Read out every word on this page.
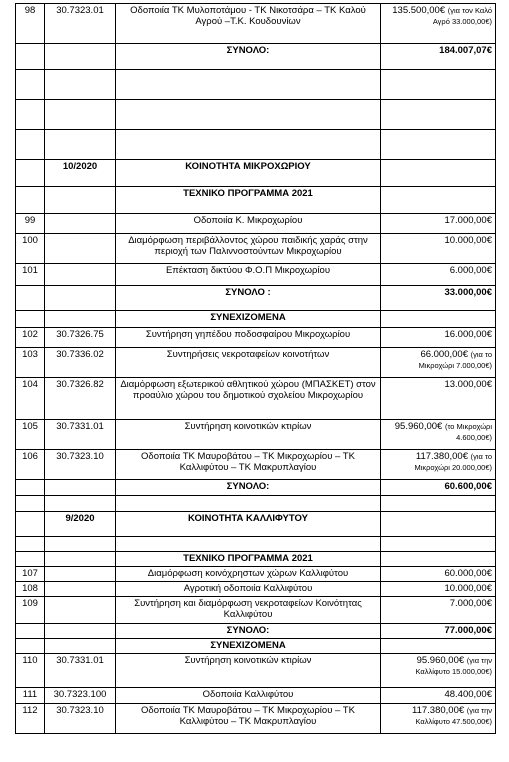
98	30.7323.01	Οδοποιία ΤΚ Μυλοποτάμου - ΤΚ Νικοτσάρα – ΤΚ Καλού Αγρού –Τ.Κ. Κουδουνίων	135.500,00€ (για τον Καλό Αγρό 33.000,00€)
		ΣΥΝΟΛΟ:	184.007,07€

	10/2020	ΚΟΙΝΟΤΗΤΑ ΜΙΚΡΟΧΩΡΙΟΥ	
		ΤΕΧΝΙΚΟ ΠΡΟΓΡΑΜΜΑ 2021	
99		Οδοποιία Κ. Μικροχωρίου	17.000,00€
100		Διαμόρφωση περιβάλλοντος χώρου παιδικής χαράς στην περιοχή των Παλιννοστούντων Μικροχωρίου	10.000,00€
101		Επέκταση δικτύου Φ.Ο.Π Μικροχωρίου	6.000,00€
		ΣΥΝΟΛΟ :	33.000,00€
		ΣΥΝΕΧΙΖΟΜΕΝΑ	
102	30.7326.75	Συντήρηση γηπέδου ποδοσφαίρου Μικροχωρίου	16.000,00€
103	30.7336.02	Συντηρήσεις νεκροταφείων κοινοτήτων	66.000,00€ (για το Μικροχώρι 7.000,00€)
104	30.7326.82	Διαμόρφωση εξωτερικού αθλητικού χώρου (ΜΠΑΣΚΕΤ) στον προαύλιο χώρου του δημοτικού σχολείου Μικροχωρίου	13.000,00€
105	30.7331.01	Συντήρηση κοινοτικών κτιρίων	95.960,00€ (το Μικροχώρι 4.600,00€)
106	30.7323.10	Οδοποιία ΤΚ Μαυροβάτου – ΤΚ Μικροχωρίου – ΤΚ Καλλιφύτου – ΤΚ Μακρυπλαγίου	117.380,00€ (για το Μικροχώρι 20.000,00€)
		ΣΥΝΟΛΟ:	60.600,00€

	9/2020	ΚΟΙΝΟΤΗΤΑ ΚΑΛΛΙΦΥΤΟΥ	

		ΤΕΧΝΙΚΟ ΠΡΟΓΡΑΜΜΑ 2021	
107		Διαμόρφωση κοινόχρηστων χώρων Καλλιφύτου	60.000,00€
108		Αγροτική οδοποιία Καλλιφύτου	10.000,00€
109		Συντήρηση και διαμόρφωση νεκροταφείων Κοινότητας Καλλιφύτου	7.000,00€
		ΣΥΝΟΛΟ:	77.000,00€
		ΣΥΝΕΧΙΖΟΜΕΝΑ	
110	30.7331.01	Συντήρηση κοινοτικών κτιρίων	95.960,00€ (για την Καλλίφυτο 15.000,00€)
111	30.7323.100	Οδοποιία Καλλιφύτου	48.400,00€
112	30.7323.10	Οδοποιία ΤΚ Μαυροβάτου – ΤΚ Μικροχωρίου – ΤΚ Καλλιφύτου – ΤΚ Μακρυπλαγίου	117.380,00€ (για την Καλλίφυτο 47.500,00€)
